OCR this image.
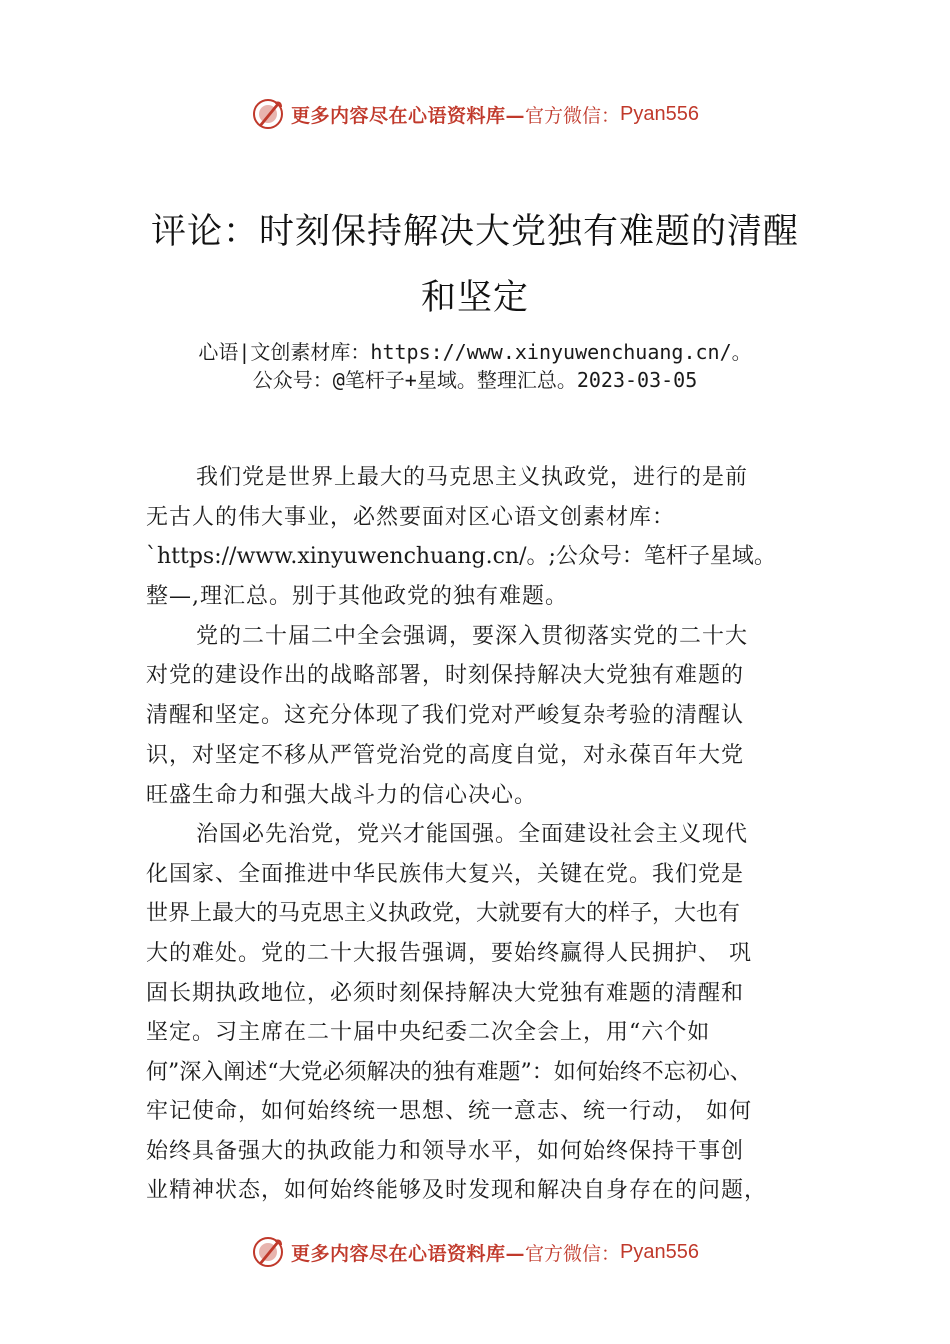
更多内容尽在心语资料库— 官方微信： Pyan556
评论：时刻保持解决大党独有难题的清醒
和坚定
心语|文创素材库：https://www.xinyuwenchuang.cn/。
公众号：@笔杆子+星域。整理汇总。2023-03-05
我们党是世界上最大的马克思主义执政党，进行的是前
无古人的伟大事业，必然要面对区心语文创素材库：
`https://www.xinyuwenchuang.cn/。;公众号：笔杆子星域。
整—,理汇总。别于其他政党的独有难题。
党的二十届二中全会强调，要深入贯彻落实党的二十大
对党的建设作出的战略部署，时刻保持解决大党独有难题的
清醒和坚定。这充分体现了我们党对严峻复杂考验的清醒认
识，对坚定不移从严管党治党的高度自觉，对永葆百年大党
旺盛生命力和强大战斗力的信心决心。
治国必先治党，党兴才能国强。全面建设社会主义现代
化国家、全面推进中华民族伟大复兴，关键在党。我们党是
世界上最大的马克思主义执政党，大就要有大的样子，大也有
大的难处。党的二十大报告强调，要始终赢得人民拥护、 巩
固长期执政地位，必须时刻保持解决大党独有难题的清醒和
坚定。习主席在二十届中央纪委二次全会上，用“六个如
何”深入阐述“大党必须解决的独有难题”：如何始终不忘初心、
牢记使命，如何始终统一思想、统一意志、统一行动， 如何
始终具备强大的执政能力和领导水平，如何始终保持干事创
业精神状态，如何始终能够及时发现和解决自身存在的问题，
更多内容尽在心语资料库— 官方微信： Pyan556
